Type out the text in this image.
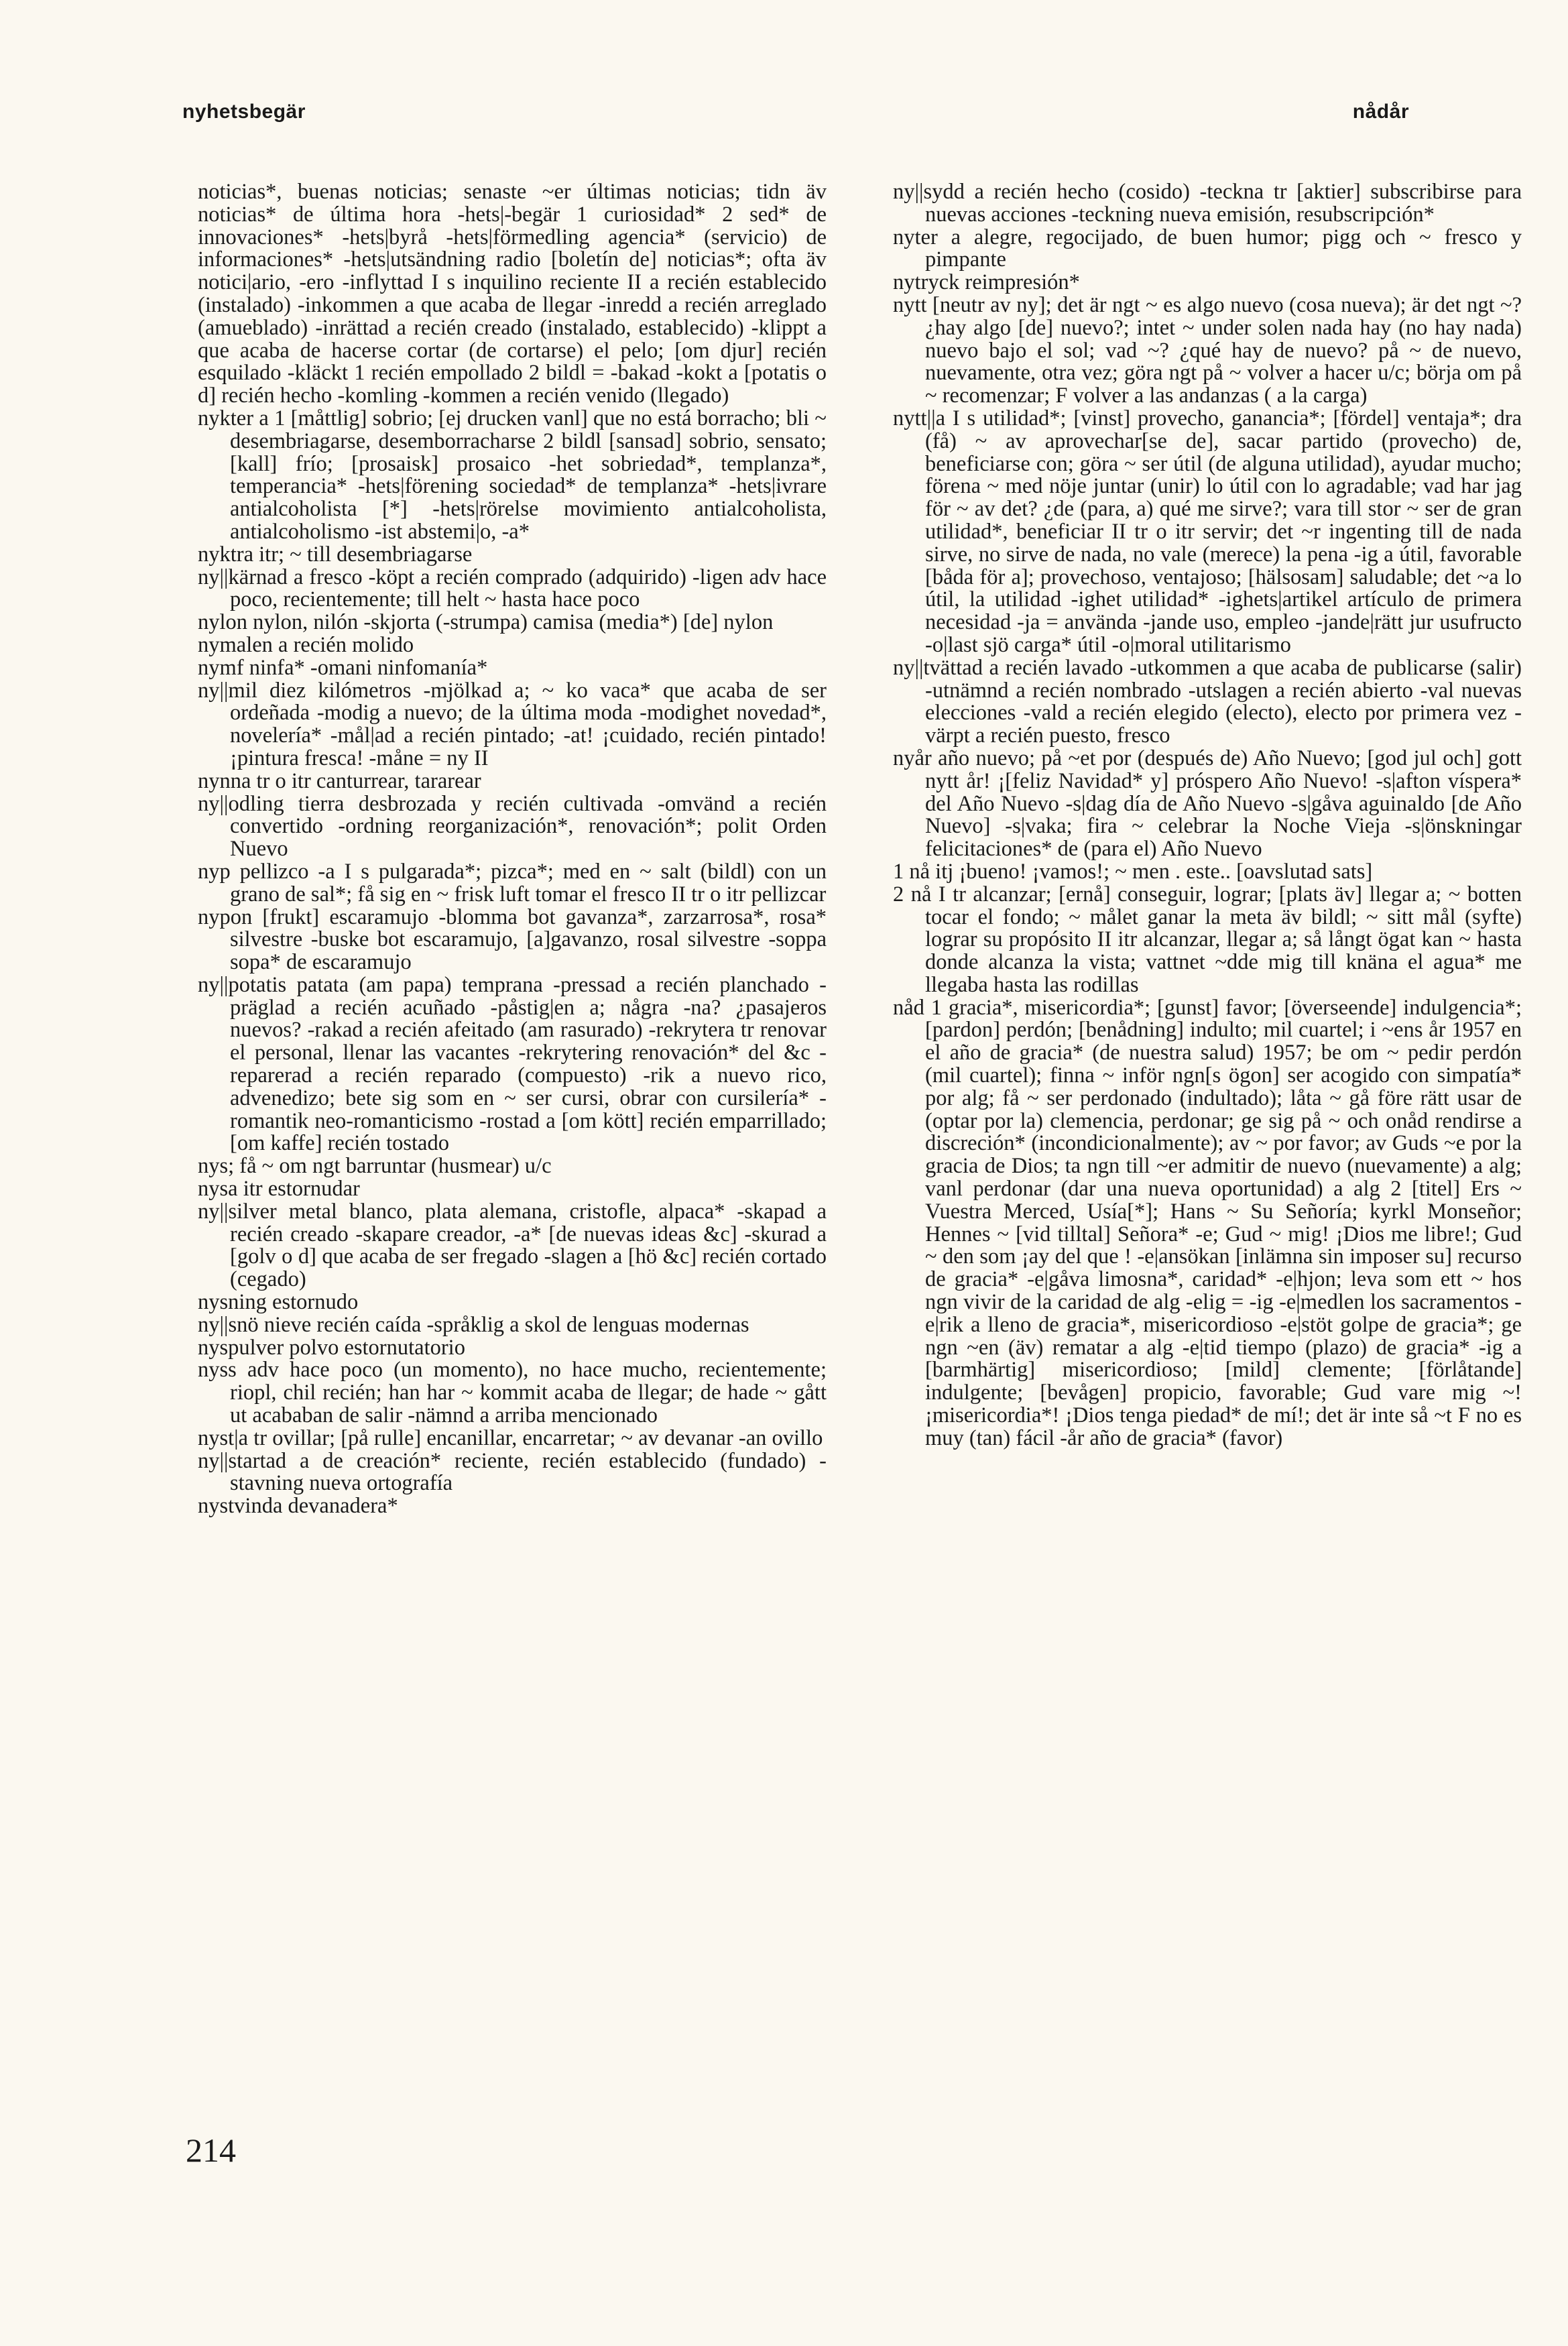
nyhetsbegär	nådår

noticias*, buenas noticias; senaste ~er últimas noticias; tidn äv noticias* de última hora -hets|-begär 1 curiosidad* 2 sed* de innovaciones* -hets|byrå -hets|förmedling agencia* (servicio) de informaciones* -hets|utsändning radio [boletín de] noticias*; ofta äv notici|ario, -ero -inflyttad I s inquilino reciente II a recién establecido (instalado) -inkommen a que acaba de llegar -inredd a recién arreglado (amueblado) -inrättad a recién creado (instalado, establecido) -klippt a que acaba de hacerse cortar (de cortarse) el pelo; [om djur] recién esquilado -kläckt 1 recién empollado 2 bildl = -bakad -kokt a [potatis o d] recién hecho -komling -kommen a recién venido (llegado)

nykter a 1 [måttlig] sobrio; [ej drucken vanl] que no está borracho; bli ~ desembriagarse, desemborracharse 2 bildl [sansad] sobrio, sensato; [kall] frío; [prosaisk] prosaico -het sobriedad*, templanza*, temperancia* -hets|förening sociedad* de templanza* -hets|ivrare antialcoholista [*] -hets|rörelse movimiento antialcoholista, antialcoholismo -ist abstemi|o, -a*

nyktra itr; ~ till desembriagarse

ny||kärnad a fresco -köpt a recién comprado (adquirido) -ligen adv hace poco, recientemente; till helt ~ hasta hace poco

nylon nylon, nilón -skjorta (-strumpa) camisa (media*) [de] nylon

nymalen a recién molido

nymf ninfa* -omani ninfomanía*

ny||mil diez kilómetros -mjölkad a; ~ ko vaca* que acaba de ser ordeñada -modig a nuevo; de la última moda -modighet novedad*, novelería* -mål|ad a recién pintado; -at! ¡cuidado, recién pintado! ¡pintura fresca! -måne = ny II

nynna tr o itr canturrear, tararear

ny||odling tierra desbrozada y recién cultivada -omvänd a recién convertido -ordning reorganización*, renovación*; polit Orden Nuevo

nyp pellizco -a I s pulgarada*; pizca*; med en ~ salt (bildl) con un grano de sal*; få sig en ~ frisk luft tomar el fresco II tr o itr pellizcar

nypon [frukt] escaramujo -blomma bot gavanza*, zarzarrosa*, rosa* silvestre -buske bot escaramujo, [a]gavanzo, rosal silvestre -soppa sopa* de escaramujo

ny||potatis patata (am papa) temprana -pressad a recién planchado -präglad a recién acuñado -påstig|en a; några -na? ¿pasajeros nuevos? -rakad a recién afeitado (am rasurado) -rekrytera tr renovar el personal, llenar las vacantes -rekrytering renovación* del &c -reparerad a recién reparado (compuesto) -rik a nuevo rico, advenedizo; bete sig som en ~ ser cursi, obrar con cursilería* -romantik neo-romanticismo -rostad a [om kött] recién emparrillado; [om kaffe] recién tostado

nys; få ~ om ngt barruntar (husmear) u/c

nysa itr estornudar

ny||silver metal blanco, plata alemana, cristofle, alpaca* -skapad a recién creado -skapare creador, -a* [de nuevas ideas &c] -skurad a [golv o d] que acaba de ser fregado -slagen a [hö &c] recién cortado (cegado)

nysning estornudo

ny||snö nieve recién caída -språklig a skol de lenguas modernas

nyspulver polvo estornutatorio

nyss adv hace poco (un momento), no hace mucho, recientemente; riopl, chil recién; han har ~ kommit acaba de llegar; de hade ~ gått ut acababan de salir -nämnd a arriba mencionado

nyst|a tr ovillar; [på rulle] encanillar, encarretar; ~ av devanar -an ovillo

ny||startad a de creación* reciente, recién establecido (fundado) -stavning nueva ortografía

nystvinda devanadera*

ny||sydd a recién hecho (cosido) -teckna tr [aktier] subscribirse para nuevas acciones -teckning nueva emisión, resubscripción*

nyter a alegre, regocijado, de buen humor; pigg och ~ fresco y pimpante

nytryck reimpresión*

nytt [neutr av ny]; det är ngt ~ es algo nuevo (cosa nueva); är det ngt ~? ¿hay algo [de] nuevo?; intet ~ under solen nada hay (no hay nada) nuevo bajo el sol; vad ~? ¿qué hay de nuevo? på ~ de nuevo, nuevamente, otra vez; göra ngt på ~ volver a hacer u/c; börja om på ~ recomenzar; F volver a las andanzas ( a la carga)

nytt||a I s utilidad*; [vinst] provecho, ganancia*; [fördel] ventaja*; dra (få) ~ av aprovechar[se de], sacar partido (provecho) de, beneficiarse con; göra ~ ser útil (de alguna utilidad), ayudar mucho; förena ~ med nöje juntar (unir) lo útil con lo agradable; vad har jag för ~ av det? ¿de (para, a) qué me sirve?; vara till stor ~ ser de gran utilidad*, beneficiar II tr o itr servir; det ~r ingenting till de nada sirve, no sirve de nada, no vale (merece) la pena -ig a útil, favorable [båda för a]; provechoso, ventajoso; [hälsosam] saludable; det ~a lo útil, la utilidad -ighet utilidad* -ighets|artikel artículo de primera necesidad -ja = använda -jande uso, empleo -jande|rätt jur usufructo -o|last sjö carga* útil -o|moral utilitarismo

ny||tvättad a recién lavado -utkommen a que acaba de publicarse (salir) -utnämnd a recién nombrado -utslagen a recién abierto -val nuevas elecciones -vald a recién elegido (electo), electo por primera vez -värpt a recién puesto, fresco

nyår año nuevo; på ~et por (después de) Año Nuevo; [god jul och] gott nytt år! ¡[feliz Navidad* y] próspero Año Nuevo! -s|afton víspera* del Año Nuevo -s|dag día de Año Nuevo -s|gåva aguinaldo [de Año Nuevo] -s|vaka; fira ~ celebrar la Noche Vieja -s|önskningar felicitaciones* de (para el) Año Nuevo

1 nå itj ¡bueno! ¡vamos!; ~ men . este.. [oavslutad sats]

2 nå I tr alcanzar; [ernå] conseguir, lograr; [plats äv] llegar a; ~ botten tocar el fondo; ~ målet ganar la meta äv bildl; ~ sitt mål (syfte) lograr su propósito II itr alcanzar, llegar a; så långt ögat kan ~ hasta donde alcanza la vista; vattnet ~dde mig till knäna el agua* me llegaba hasta las rodillas

nåd 1 gracia*, misericordia*; [gunst] favor; [överseende] indulgencia*; [pardon] perdón; [benådning] indulto; mil cuartel; i ~ens år 1957 en el año de gracia* (de nuestra salud) 1957; be om ~ pedir perdón (mil cuartel); finna ~ inför ngn[s ögon] ser acogido con simpatía* por alg; få ~ ser perdonado (indultado); låta ~ gå före rätt usar de (optar por la) clemencia, perdonar; ge sig på ~ och onåd rendirse a discreción* (incondicionalmente); av ~ por favor; av Guds ~e por la gracia de Dios; ta ngn till ~er admitir de nuevo (nuevamente) a alg; vanl perdonar (dar una nueva oportunidad) a alg 2 [titel] Ers ~ Vuestra Merced, Usía[*]; Hans ~ Su Señoría; kyrkl Monseñor; Hennes ~ [vid tilltal] Señora* -e; Gud ~ mig! ¡Dios me libre!; Gud ~ den som ¡ay del que ! -e|ansökan [inlämna sin imposer su] recurso de gracia* -e|gåva limosna*, caridad* -e|hjon; leva som ett ~ hos ngn vivir de la caridad de alg -elig = -ig -e|medlen los sacramentos -e|rik a lleno de gracia*, misericordioso -e|stöt golpe de gracia*; ge ngn ~en (äv) rematar a alg -e|tid tiempo (plazo) de gracia* -ig a [barmhärtig] misericordioso; [mild] clemente; [förlåtande] indulgente; [bevågen] propicio, favorable; Gud vare mig ~! ¡misericordia*! ¡Dios tenga piedad* de mí!; det är inte så ~t F no es muy (tan) fácil -år año de gracia* (favor)

214
